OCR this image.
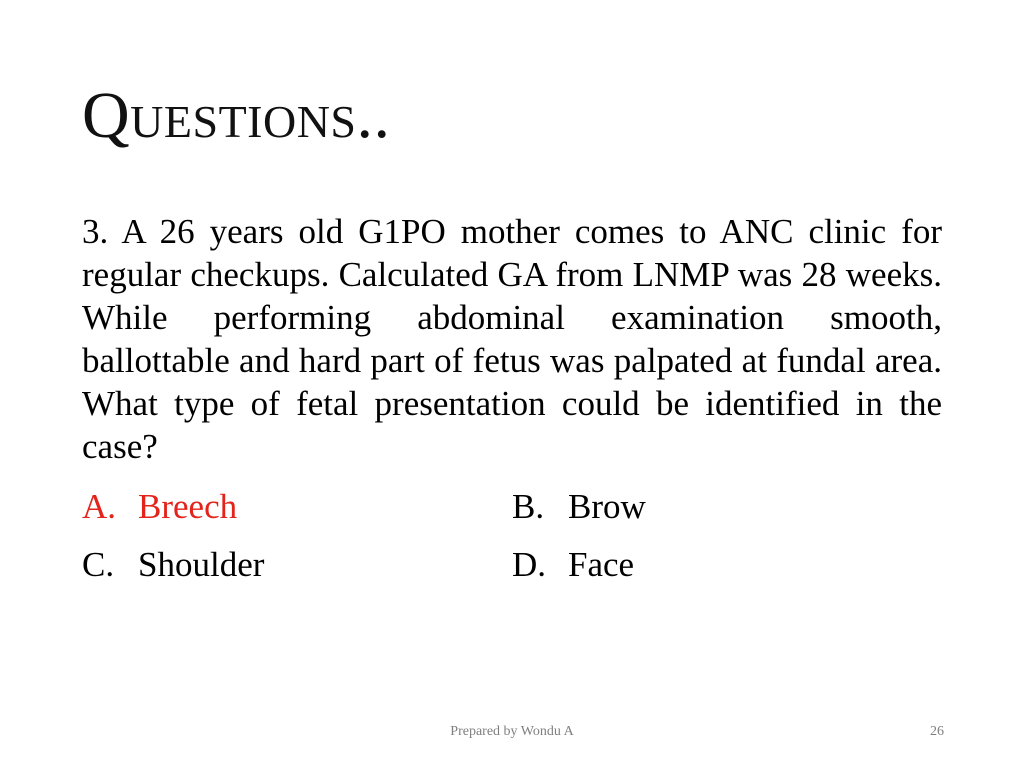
Questions..

3. A 26 years old G1PO mother comes to ANC clinic for regular checkups. Calculated GA from LNMP was 28 weeks. While performing abdominal examination smooth, ballottable and hard part of fetus was palpated at fundal area. What type of fetal presentation could be identified in the case?

A. Breech	B. Brow
C. Shoulder	D. Face
Prepared by Wondu A	26
